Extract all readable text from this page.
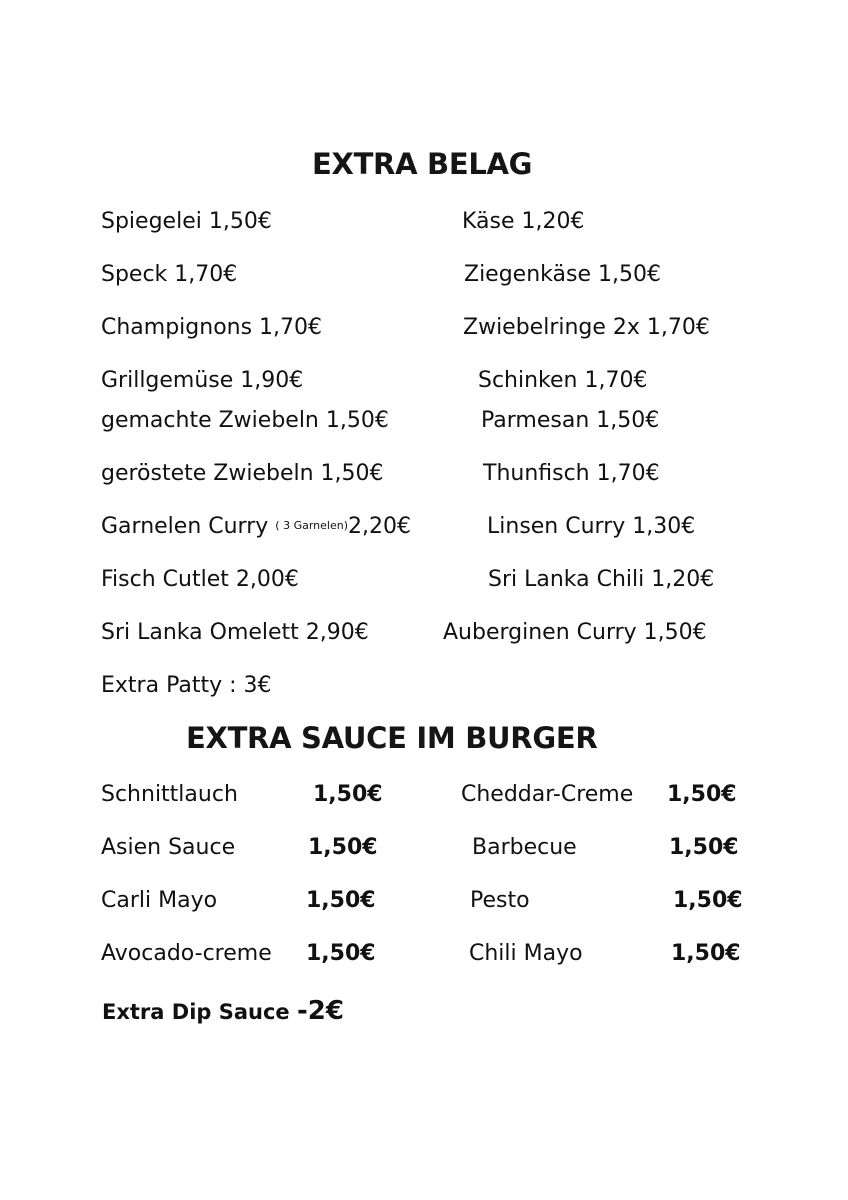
EXTRA BELAG
Spiegelei 1,50€
Speck 1,70€
Champignons 1,70€
Grillgemüse 1,90€
gemachte Zwiebeln 1,50€
geröstete Zwiebeln 1,50€
Garnelen Curry ( 3 Garnelen)2,20€
Fisch Cutlet 2,00€
Sri Lanka Omelett 2,90€
Extra Patty : 3€
Käse 1,20€
Ziegenkäse 1,50€
Zwiebelringe 2x 1,70€
Schinken 1,70€
Parmesan 1,50€
Thunfisch 1,70€
Linsen Curry 1,30€
Sri Lanka Chili 1,20€
Auberginen Curry 1,50€
EXTRA SAUCE IM BURGER
Schnittlauch
Asien Sauce
Carli Mayo
Avocado-creme
1,50€
1,50€
1,50€
1,50€
Cheddar-Creme
Barbecue
Pesto
Chili Mayo
1,50€
1,50€
1,50€
1,50€
Extra Dip Sauce -2€
